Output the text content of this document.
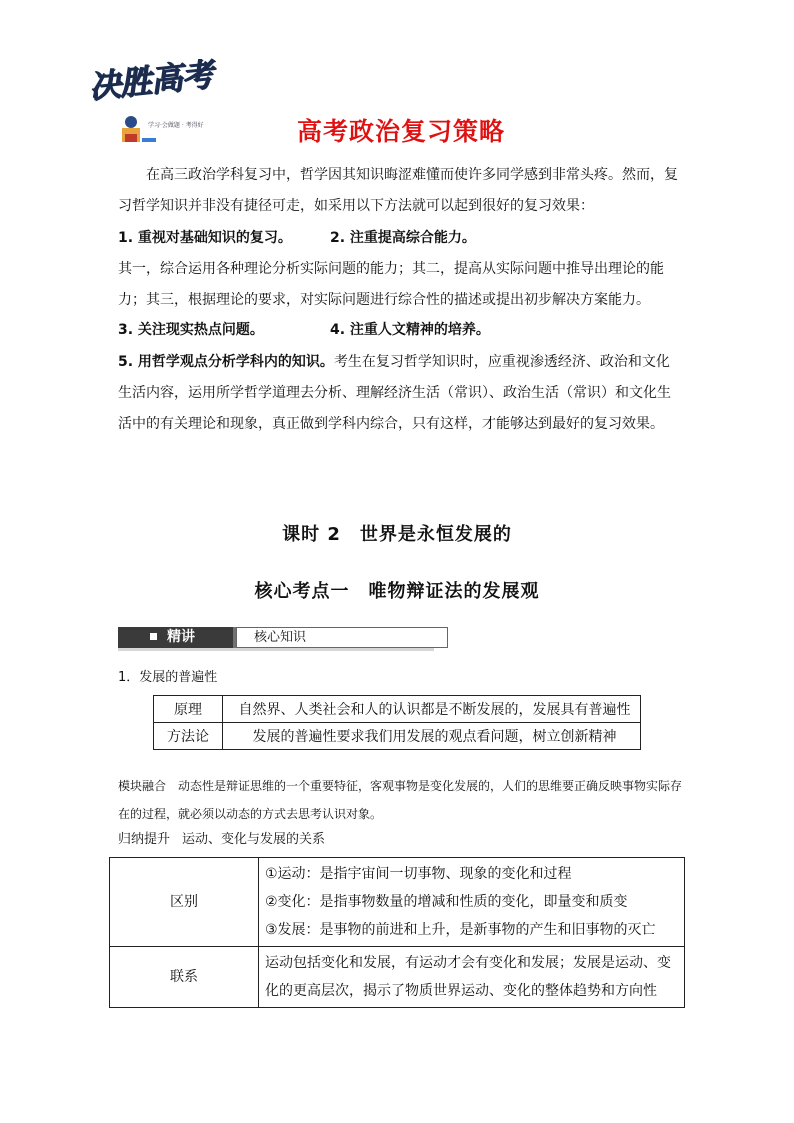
决胜高考
学习·会做题 · 考得好	高考政治复习策略

在高三政治学科复习中，哲学因其知识晦涩难懂而使许多同学感到非常头疼。然而，复习哲学知识并非没有捷径可走，如采用以下方法就可以起到很好的复习效果：

1. 重视对基础知识的复习。	2. 注重提高综合能力。

其一，综合运用各种理论分析实际问题的能力；其二，提高从实际问题中推导出理论的能力；其三，根据理论的要求，对实际问题进行综合性的描述或提出初步解决方案能力。

3. 关注现实热点问题。	4. 注重人文精神的培养。

5. 用哲学观点分析学科内的知识。考生在复习哲学知识时，应重视渗透经济、政治和文化生活内容，运用所学哲学道理去分析、理解经济生活（常识）、政治生活（常识）和文化生活中的有关理论和现象，真正做到学科内综合，只有这样，才能够达到最好的复习效果。

课时 2　世界是永恒发展的
核心考点一　唯物辩证法的发展观
精讲	核心知识
1．发展的普遍性
原理	自然界、人类社会和人的认识都是不断发展的，发展具有普遍性
方法论	发展的普遍性要求我们用发展的观点看问题，树立创新精神
模块融合 动态性是辩证思维的一个重要特征，客观事物是变化发展的，人们的思维要正确反映事物实际存在的过程，就必须以动态的方式去思考认识对象。
归纳提升 运动、变化与发展的关系
区别	①运动：是指宇宙间一切事物、现象的变化和过程
②变化：是指事物数量的增减和性质的变化，即量变和质变
③发展：是事物的前进和上升，是新事物的产生和旧事物的灭亡

联系	运动包括变化和发展，有运动才会有变化和发展；发展是运动、变化的更高层次，揭示了物质世界运动、变化的整体趋势和方向性
